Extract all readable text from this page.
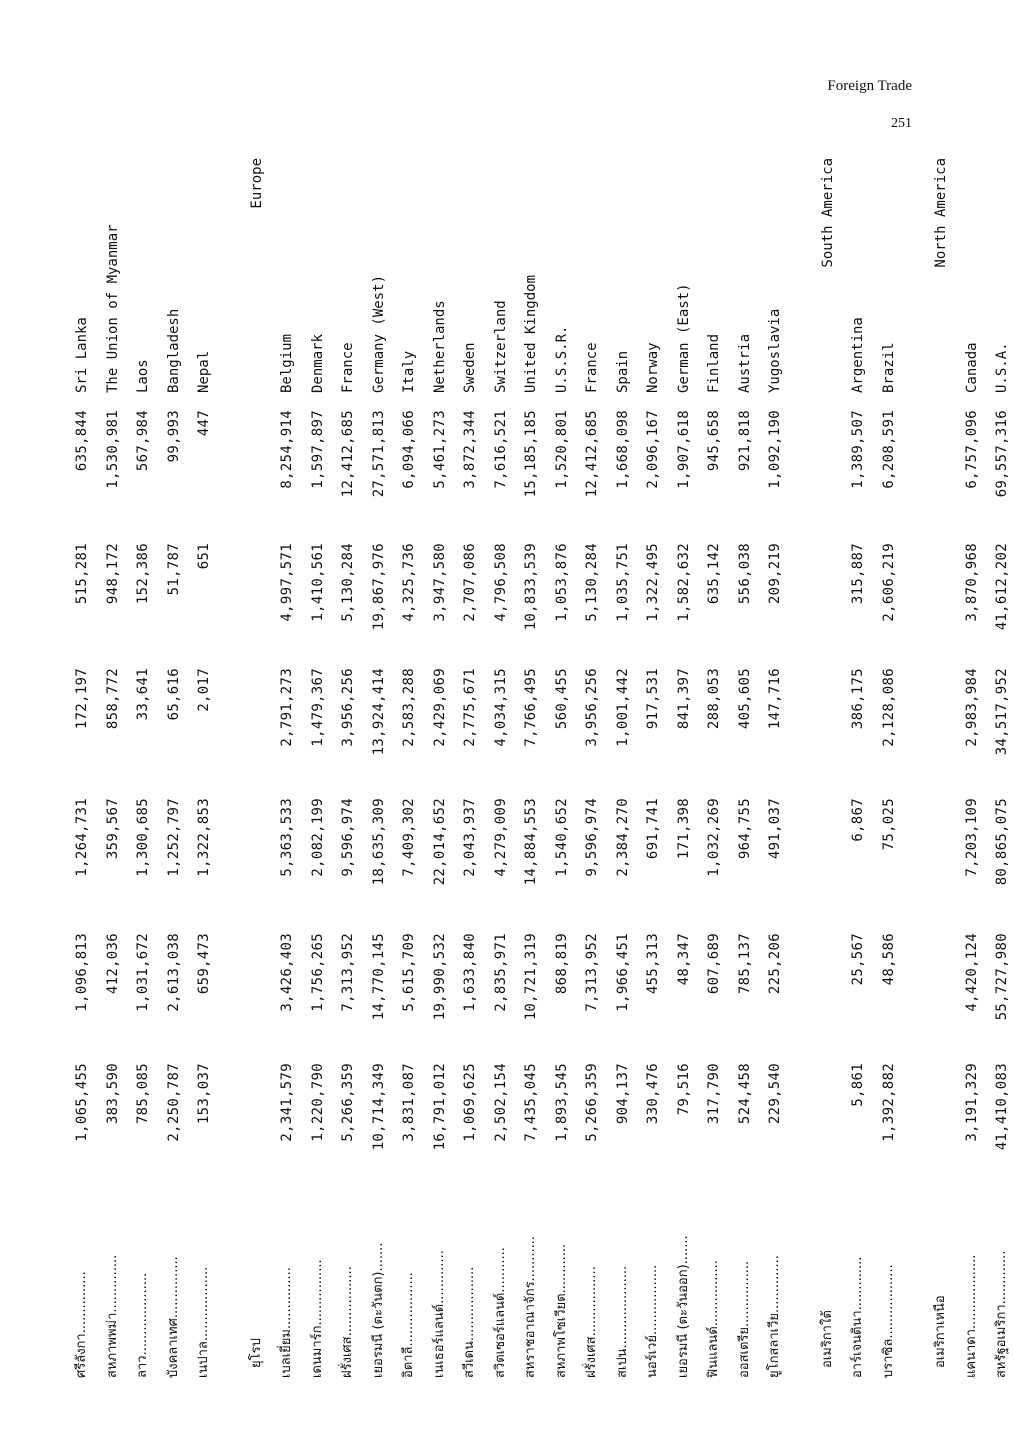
Foreign Trade
251
ศรีลังกา...............
1,065,455
1,096,813
1,264,731
172,197
515,281
635,844
Sri Lanka
สหภาพพม่า..............
383,590
412,036
359,567
858,772
948,172
1,530,981
The Union of Myanmar
ลาว....................
785,085
1,031,672
1,300,685
33,641
152,386
567,984
Laos
บังคลาเทศ...............
2,250,787
2,613,038
1,252,797
65,616
51,787
99,993
Bangladesh
เนปาล..................
153,037
659,473
1,322,853
2,017
651
447
Nepal
ยุโรป
Europe
เบลเยี่ยม...............
2,341,579
3,426,403
5,363,533
2,791,273
4,997,571
8,254,914
Belgium
เดนมาร์ก................
1,220,790
1,756,265
2,082,199
1,479,367
1,410,561
1,597,897
Denmark
ฝรั่งเศส.................
5,266,359
7,313,952
9,596,974
3,956,256
5,130,284
12,412,685
France
เยอรมนี (ตะวันตก).......
10,714,349
14,770,145
18,635,309
13,924,414
19,867,976
27,571,813
Germany (West)
อิตาลี..................
3,831,087
5,615,709
7,409,302
2,583,288
4,325,736
6,094,066
Italy
เนเธอร์แลนด์.............
16,791,012
19,990,532
22,014,652
2,429,069
3,947,580
5,461,273
Netherlands
สวีเดน..................
1,069,625
1,633,840
2,043,937
2,775,671
2,707,086
3,872,344
Sweden
สวิตเซอร์แลนด์...........
2,502,154
2,835,971
4,279,009
4,034,315
4,796,508
7,616,521
Switzerland
สหราชอาณาจักร...........
7,435,045
10,721,319
14,884,553
7,766,495
10,833,539
15,185,185
United Kingdom
สหภาพโซเวียต............
1,893,545
868,819
1,540,652
560,455
1,053,876
1,520,801
U.S.S.R.
ฝรั่งเศส.................
5,266,359
7,313,952
9,596,974
3,956,256
5,130,284
12,412,685
France
สเปน....................
904,137
1,966,451
2,384,270
1,001,442
1,035,751
1,668,098
Spain
นอร์เวย์.................
330,476
455,313
691,741
917,531
1,322,495
2,096,167
Norway
เยอรมนี (ตะวันออก).......
79,516
48,347
171,398
841,397
1,582,632
1,907,618
German (East)
ฟินแลนด์................
317,790
607,689
1,032,269
288,053
635,142
945,658
Finland
ออสเตรีย................
524,458
785,137
964,755
405,605
556,038
921,818
Austria
ยูโกสลาเวีย..............
229,540
225,206
491,037
147,716
209,219
1,092,190
Yugoslavia
อเมริกาใต้
South America
อาร์เจนตินา.............
5,861
25,567
6,867
386,175
315,887
1,389,507
Argentina
บราซิล..................
1,392,882
48,586
75,025
2,128,086
2,606,219
6,208,591
Brazil
อเมริกาเหนือ
North America
แคนาดา..................
3,191,329
4,420,124
7,203,109
2,983,984
3,870,968
6,757,096
Canada
สหรัฐอเมริกา.............
41,410,083
55,727,980
80,865,075
34,517,952
41,612,202
69,557,316
U.S.A.
